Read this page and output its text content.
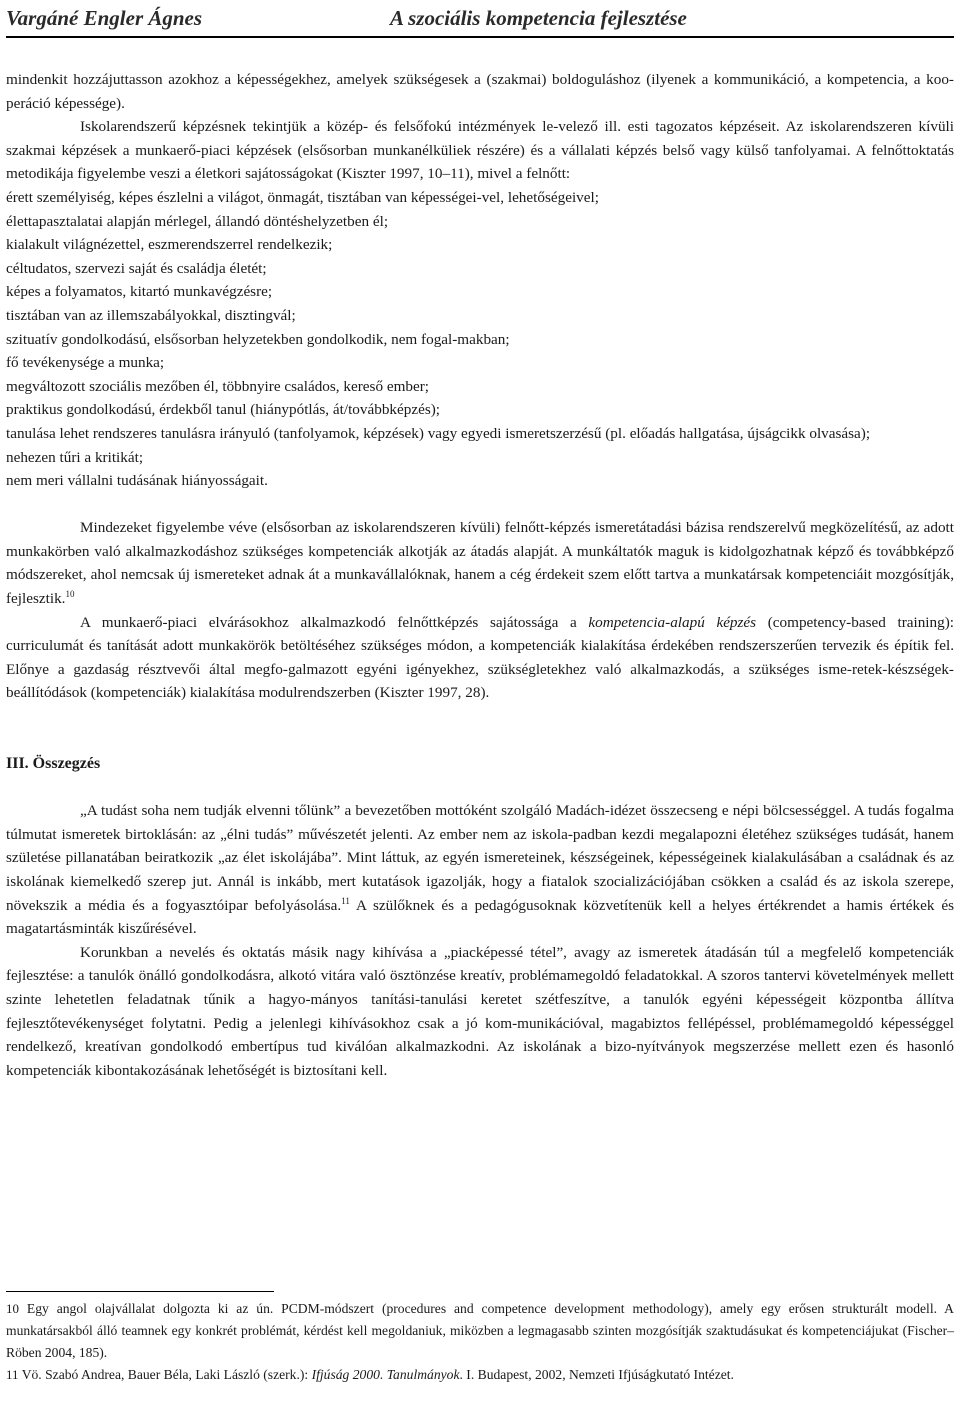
Vargáné Engler Ágnes	A szociális kompetencia fejlesztése

mindenkit hozzájuttasson azokhoz a képességekhez, amelyek szükségesek a (szakmai) boldoguláshoz (ilyenek a kommunikáció, a kompetencia, a koo-peráció képessége).

Iskolarendszerű képzésnek tekintjük a közép- és felsőfokú intézmények le-velező ill. esti tagozatos képzéseit. Az iskolarendszeren kívüli szakmai képzések a munkaerő-piaci képzések (elsősorban munkanélküliek részére) és a vállalati képzés belső vagy külső tanfolyamai. A felnőttoktatás metodikája figyelembe veszi a életkori sajátosságokat (Kiszter 1997, 10–11), mivel a felnőtt:

érett személyiség, képes észlelni a világot, önmagát, tisztában van képességei-vel, lehetőségeivel;

élettapasztalatai alapján mérlegel, állandó döntéshelyzetben él;

kialakult világnézettel, eszmerendszerrel rendelkezik;

céltudatos, szervezi saját és családja életét;

képes a folyamatos, kitartó munkavégzésre;

tisztában van az illemszabályokkal, disztingvál;

szituatív gondolkodású, elsősorban helyzetekben gondolkodik, nem fogal-makban;

fő tevékenysége a munka;

megváltozott szociális mezőben él, többnyire családos, kereső ember;

praktikus gondolkodású, érdekből tanul (hiánypótlás, át/továbbképzés);

tanulása lehet rendszeres tanulásra irányuló (tanfolyamok, képzések) vagy egyedi ismeretszerzésű (pl. előadás hallgatása, újságcikk olvasása);

nehezen tűri a kritikát;

nem meri vállalni tudásának hiányosságait.

Mindezeket figyelembe véve (elsősorban az iskolarendszeren kívüli) felnőtt-képzés ismeretátadási bázisa rendszerelvű megközelítésű, az adott munkakörben való alkalmazkodáshoz szükséges kompetenciák alkotják az átadás alapját. A munkáltatók maguk is kidolgozhatnak képző és továbbképző módszereket, ahol nemcsak új ismereteket adnak át a munkavállalóknak, hanem a cég érdekeit szem előtt tartva a munkatársak kompetenciáit mozgósítják, fejlesztik.$^{10}$

A munkaerő-piaci elvárásokhoz alkalmazkodó felnőttképzés sajátossága a kompetencia-alapú képzés (competency-based training): curriculumát és tanítását adott munkakörök betöltéséhez szükséges módon, a kompetenciák kialakítása érdekében rendszerszerűen tervezik és építik fel. Előnye a gazdaság résztvevői által megfo-galmazott egyéni igényekhez, szükségletekhez való alkalmazkodás, a szükséges isme-retek-készségek-beállítódások (kompetenciák) kialakítása modulrendszerben (Kiszter 1997, 28).

III. Összegzés

„A tudást soha nem tudják elvenni tőlünk” a bevezetőben mottóként szolgáló Madách-idézet összecseng e népi bölcsességgel. A tudás fogalma túlmutat ismeretek birtoklásán: az „élni tudás” művészetét jelenti. Az ember nem az iskola-padban kezdi megalapozni életéhez szükséges tudását, hanem születése pillanatában beiratkozik „az élet iskolájába”. Mint láttuk, az egyén ismereteinek, készségeinek, képességeinek kialakulásában a családnak és az iskolának kiemelkedő szerep jut. Annál is inkább, mert kutatások igazolják, hogy a fiatalok szocializációjában csökken a család és az iskola szerepe, növekszik a média és a fogyasztóipar befolyásolása.$^{11}$ A szülőknek és a pedagógusoknak közvetítenük kell a helyes értékrendet a hamis értékek és magatartásminták kiszűrésével.

Korunkban a nevelés és oktatás másik nagy kihívása a „piacképessé tétel”, avagy az ismeretek átadásán túl a megfelelő kompetenciák fejlesztése: a tanulók önálló gondolkodásra, alkotó vitára való ösztönzése kreatív, problémamegoldó feladatokkal. A szoros tantervi követelmények mellett szinte lehetetlen feladatnak tűnik a hagyo-mányos tanítási-tanulási keretet szétfeszítve, a tanulók egyéni képességeit központba állítva fejlesztőtevékenységet folytatni. Pedig a jelenlegi kihívásokhoz csak a jó kom-munikációval, magabiztos fellépéssel, problémamegoldó képességgel rendelkező, kreatívan gondolkodó embertípus tud kiválóan alkalmazkodni. Az iskolának a bizo-nyítványok megszerzése mellett ezen és hasonló kompetenciák kibontakozásának lehetőségét is biztosítani kell.

10 Egy angol olajvállalat dolgozta ki az ún. PCDM-módszert (procedures and competence development methodology), amely egy erősen strukturált modell. A munkatársakból álló teamnek egy konkrét problémát, kérdést kell megoldaniuk, miközben a legmagasabb szinten mozgósítják szaktudásukat és kompetenciájukat (Fischer–Röben 2004, 185).

11 Vö. Szabó Andrea, Bauer Béla, Laki László (szerk.): Ifjúság 2000. Tanulmányok. I. Budapest, 2002, Nemzeti Ifjúságkutató Intézet.
